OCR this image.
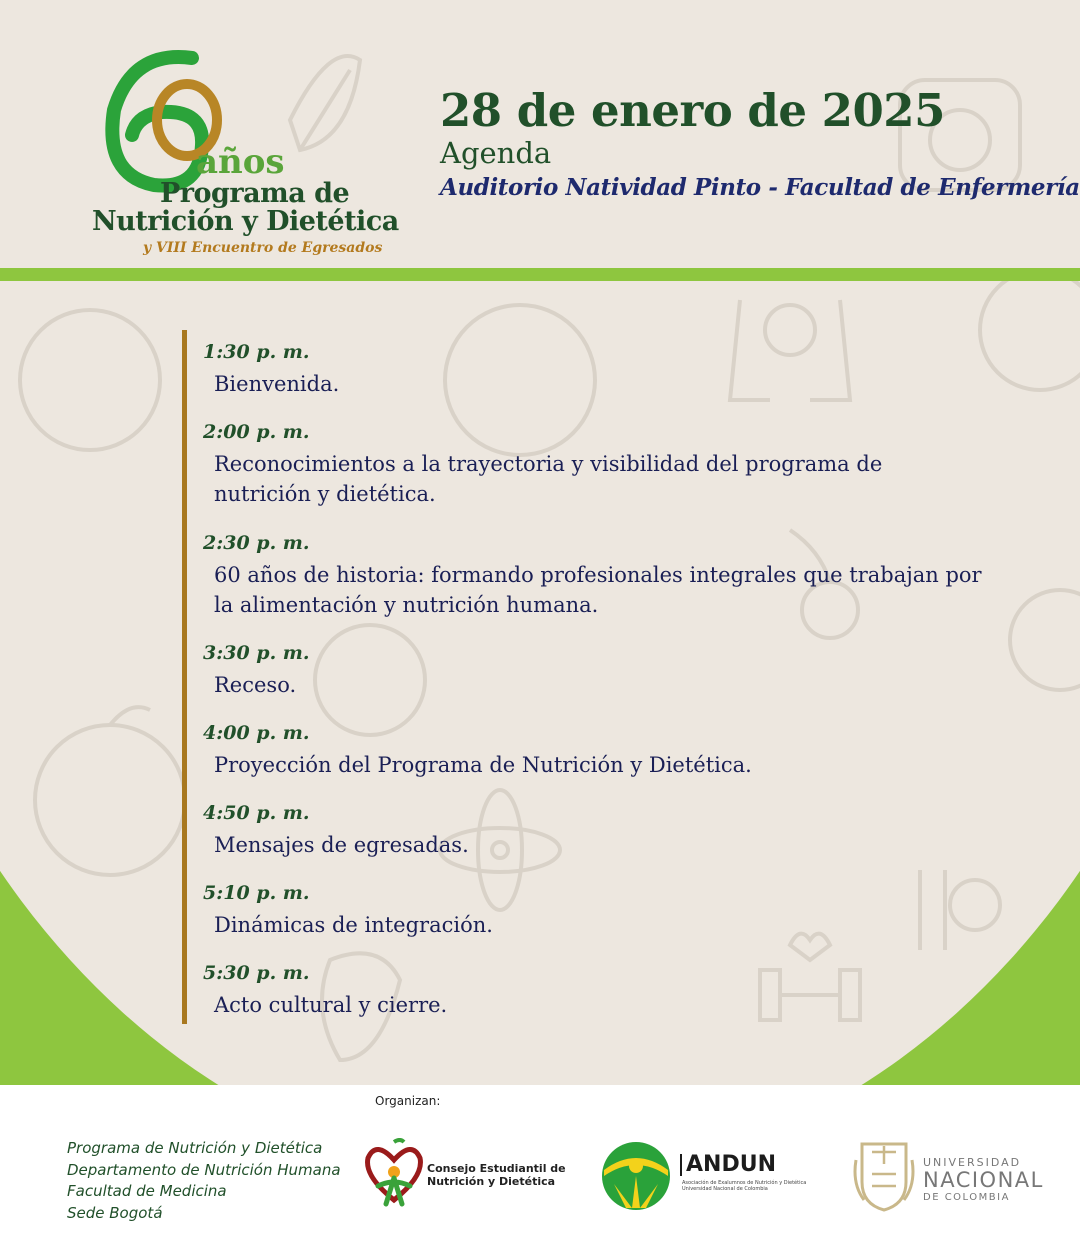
años
Programa de
Nutrición y Dietética
y VIII Encuentro de Egresados
28 de enero de 2025
Agenda
Auditorio Natividad Pinto - Facultad de Enfermería
1:30 p. m.
Bienvenida.
2:00 p. m.
Reconocimientos a la trayectoria y visibilidad del programa de nutrición y dietética.
2:30 p. m.
60 años de historia: formando profesionales integrales que trabajan por la alimentación y nutrición humana.
3:30 p. m.
Receso.
4:00 p. m.
Proyección del Programa de Nutrición y Dietética.
4:50 p. m.
Mensajes de egresadas.
5:10 p. m.
Dinámicas de integración.
5:30 p. m.
Acto cultural y cierre.
Organizan:
Programa de Nutrición y Dietética
Departamento de Nutrición Humana
Facultad de Medicina
Sede Bogotá
Consejo Estudiantil de
Nutrición y Dietética
ANDUN
Asociación de Exalumnos de Nutrición y Dietética Universidad Nacional de Colombia
UNIVERSIDAD
NACIONAL
DE COLOMBIA
